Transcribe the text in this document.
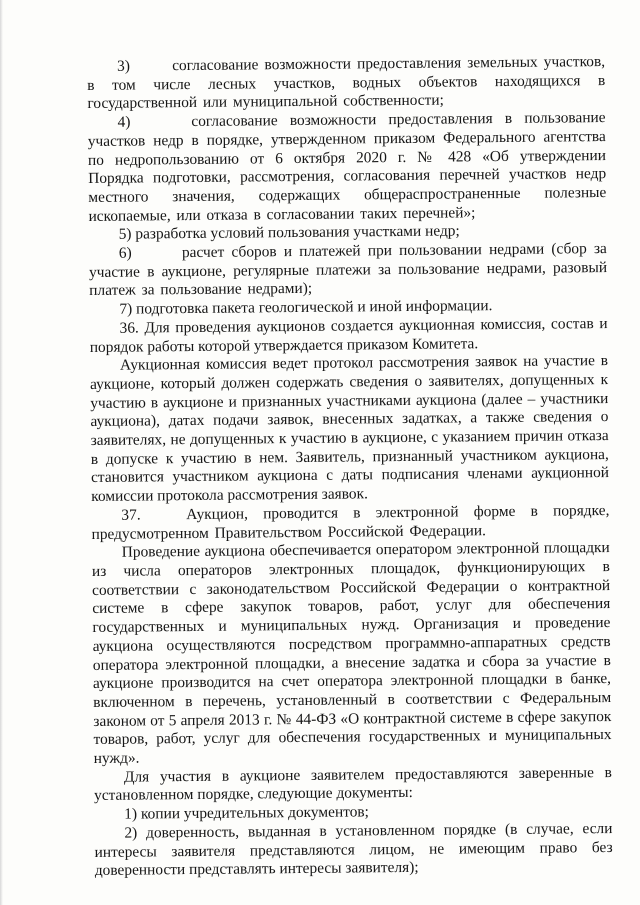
3)       согласование возможности предоставления земельных участков, в том числе лесных участков, водных объектов находящихся в государственной или муниципальной собственности;

4)     согласование возможности предоставления в пользование участков недр в порядке, утвержденном приказом Федерального агентства по недропользованию от 6 октября 2020 г. № 428 «Об утверждении Порядка подготовки, рассмотрения, согласования перечней участков недр местного значения, содержащих общераспространенные полезные ископаемые, или отказа в согласовании таких перечней»;

5) разработка условий пользования участками недр;

6)       расчет сборов и платежей при пользовании недрами (сбор за участие в аукционе, регулярные платежи за пользование недрами, разовый платеж за пользование недрами);

7) подготовка пакета геологической и иной информации.

36. Для проведения аукционов создается аукционная комиссия, состав и порядок работы которой утверждается приказом Комитета.

Аукционная комиссия ведет протокол рассмотрения заявок на участие в аукционе, который должен содержать сведения о заявителях, допущенных к участию в аукционе и признанных участниками аукциона (далее – участники аукциона), датах подачи заявок, внесенных задатках, а также сведения о заявителях, не допущенных к участию в аукционе, с указанием причин отказа в допуске к участию в нем. Заявитель, признанный участником аукциона, становится участником аукциона с даты подписания членами аукционной комиссии протокола рассмотрения заявок.

37.   Аукцион, проводится в электронной форме в порядке, предусмотренном Правительством Российской Федерации.

Проведение аукциона обеспечивается оператором электронной площадки из числа операторов электронных площадок, функционирующих в соответствии с законодательством Российской Федерации о контрактной системе в сфере закупок товаров, работ, услуг для обеспечения государственных и муниципальных нужд. Организация и проведение аукциона осуществляются посредством программно-аппаратных средств оператора электронной площадки, а внесение задатка и сбора за участие в аукционе производится на счет оператора электронной площадки в банке, включенном в перечень, установленный в соответствии с Федеральным законом от 5 апреля 2013 г. № 44-ФЗ «О контрактной системе в сфере закупок товаров, работ, услуг для обеспечения государственных и муниципальных нужд».

Для участия в аукционе заявителем предоставляются заверенные в установленном порядке, следующие документы:

1) копии учредительных документов;

2) доверенность, выданная в установленном порядке (в случае, если интересы заявителя представляются лицом, не имеющим право без доверенности представлять интересы заявителя);
